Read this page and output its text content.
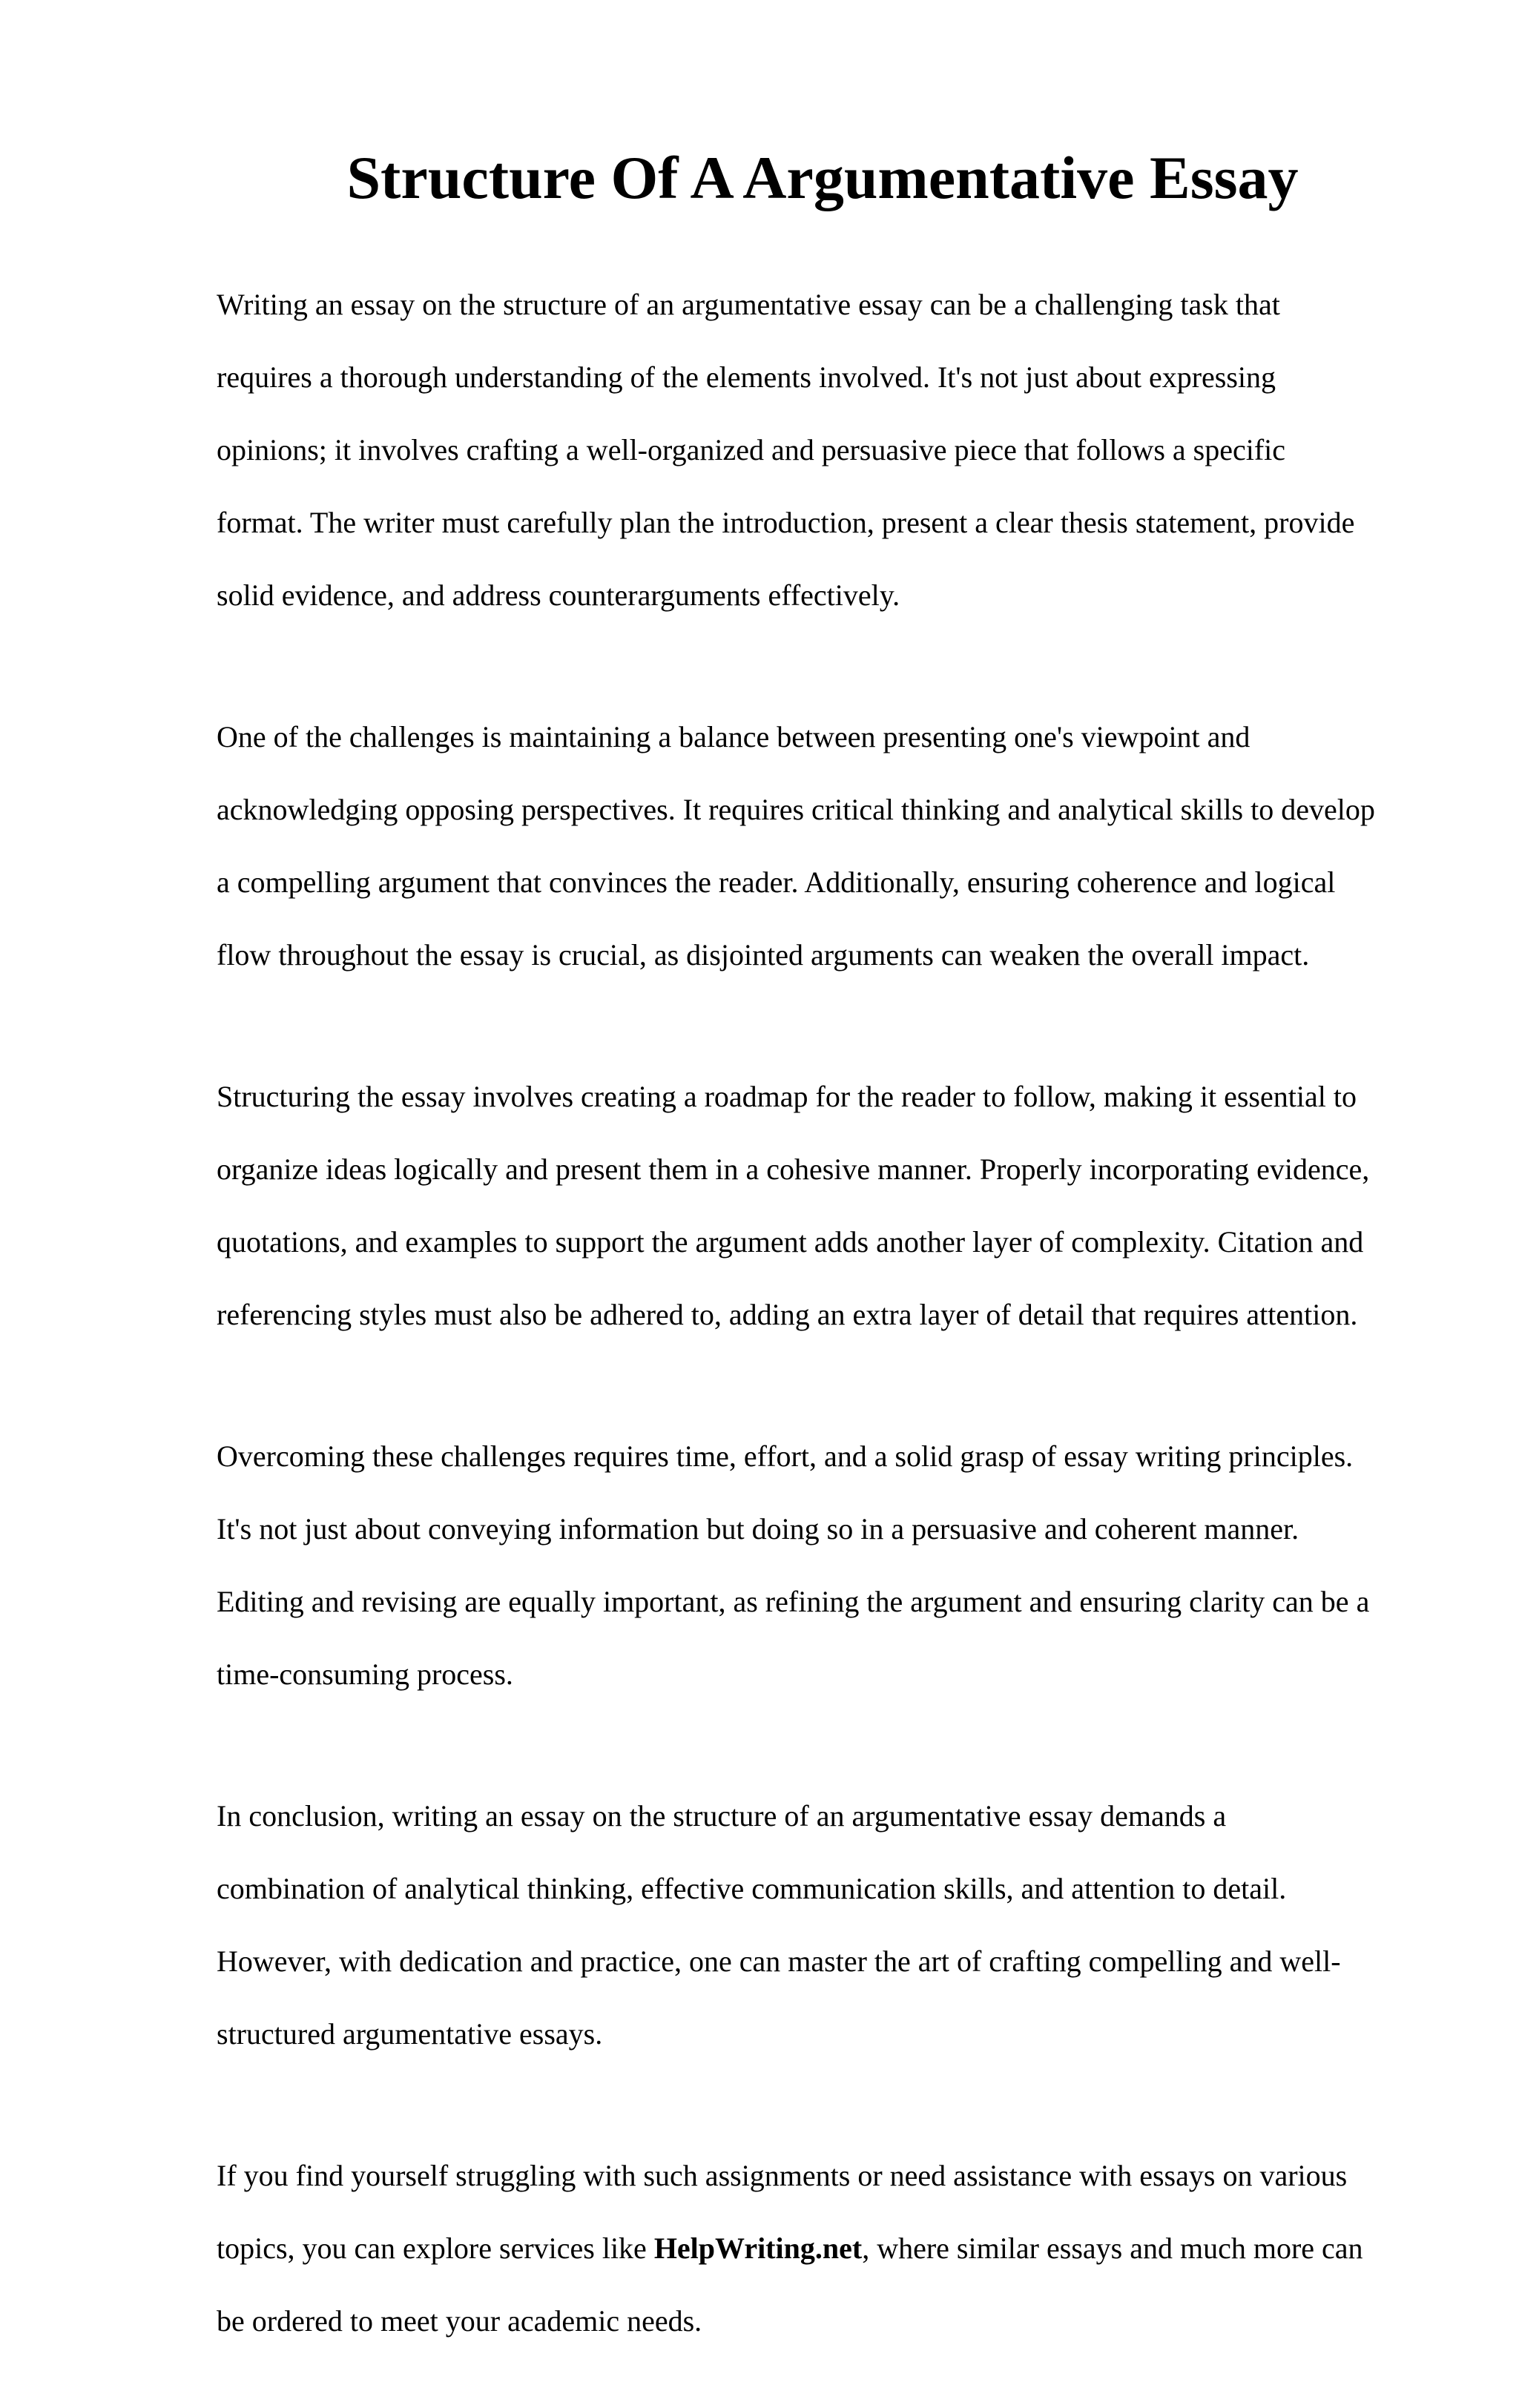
Structure Of A Argumentative Essay

Writing an essay on the structure of an argumentative essay can be a challenging task that

requires a thorough understanding of the elements involved. It's not just about expressing

opinions; it involves crafting a well-organized and persuasive piece that follows a specific

format. The writer must carefully plan the introduction, present a clear thesis statement, provide

solid evidence, and address counterarguments effectively.

One of the challenges is maintaining a balance between presenting one's viewpoint and

acknowledging opposing perspectives. It requires critical thinking and analytical skills to develop

a compelling argument that convinces the reader. Additionally, ensuring coherence and logical

flow throughout the essay is crucial, as disjointed arguments can weaken the overall impact.

Structuring the essay involves creating a roadmap for the reader to follow, making it essential to

organize ideas logically and present them in a cohesive manner. Properly incorporating evidence,

quotations, and examples to support the argument adds another layer of complexity. Citation and

referencing styles must also be adhered to, adding an extra layer of detail that requires attention.

Overcoming these challenges requires time, effort, and a solid grasp of essay writing principles.

It's not just about conveying information but doing so in a persuasive and coherent manner.

Editing and revising are equally important, as refining the argument and ensuring clarity can be a

time-consuming process.

In conclusion, writing an essay on the structure of an argumentative essay demands a

combination of analytical thinking, effective communication skills, and attention to detail.

However, with dedication and practice, one can master the art of crafting compelling and well-

structured argumentative essays.

If you find yourself struggling with such assignments or need assistance with essays on various

topics, you can explore services like HelpWriting.net, where similar essays and much more can

be ordered to meet your academic needs.
